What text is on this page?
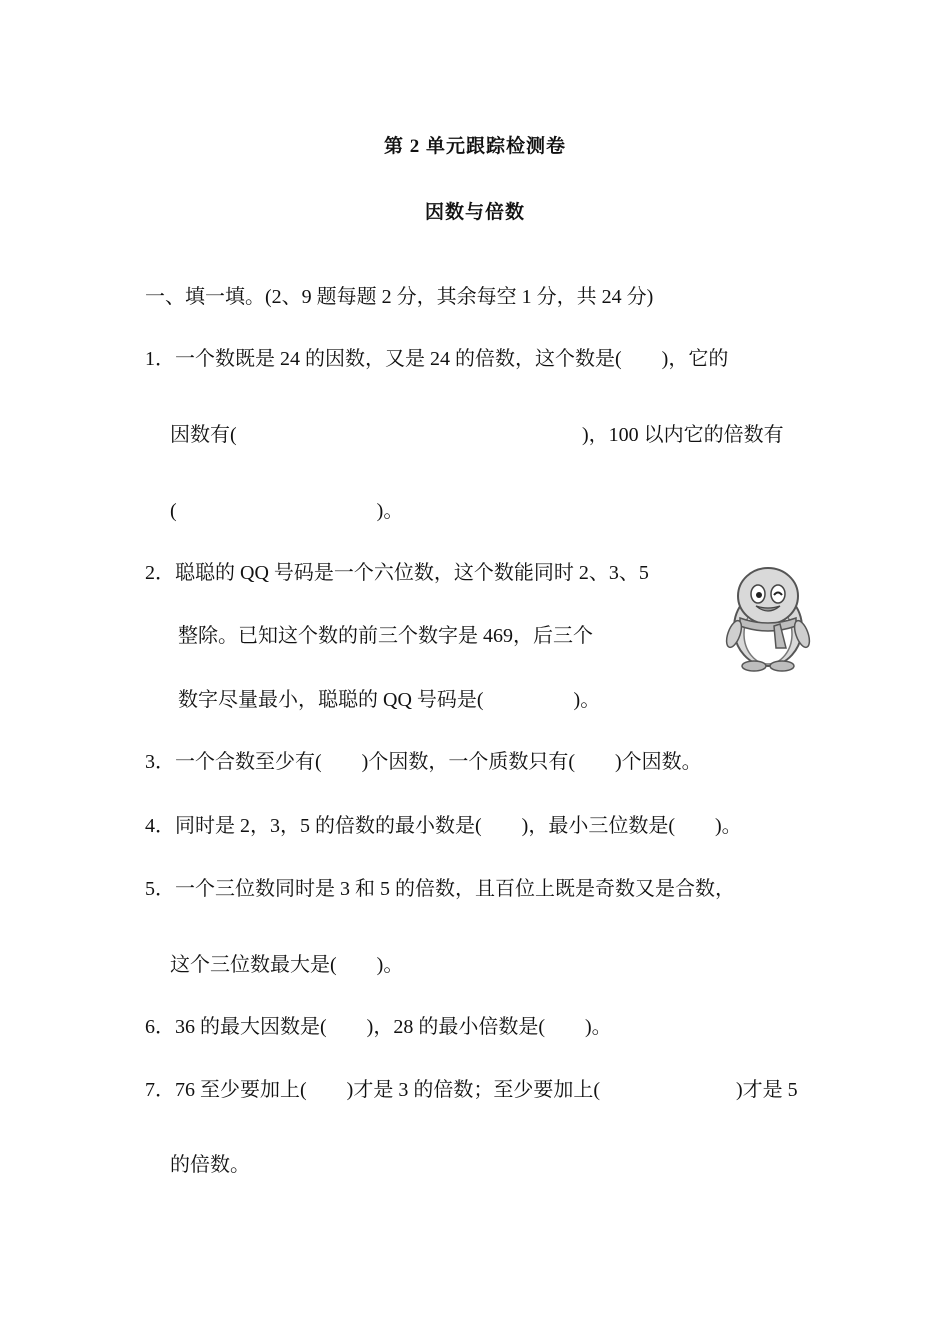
第 2 单元跟踪检测卷
因数与倍数
一、填一填。(2、9 题每题 2 分，其余每空 1 分，共 24 分)
1．一个数既是 24 的因数，又是 24 的倍数，这个数是(        )，它的
因数有(	)，100 以内它的倍数有
(                                        )。
2．聪聪的 QQ 号码是一个六位数，这个数能同时 2、3、5
整除。已知这个数的前三个数字是 469，后三个
数字尽量最小，聪聪的 QQ 号码是(                  )。
3．一个合数至少有(        )个因数，一个质数只有(        )个因数。
4．同时是 2，3，5 的倍数的最小数是(        )，最小三位数是(        )。
5．一个三位数同时是 3 和 5 的倍数，且百位上既是奇数又是合数，
这个三位数最大是(        )。
6．36 的最大因数是(        )，28 的最小倍数是(        )。
7．76 至少要加上(        )才是 3 的倍数；至少要加上(	)才是 5
的倍数。
